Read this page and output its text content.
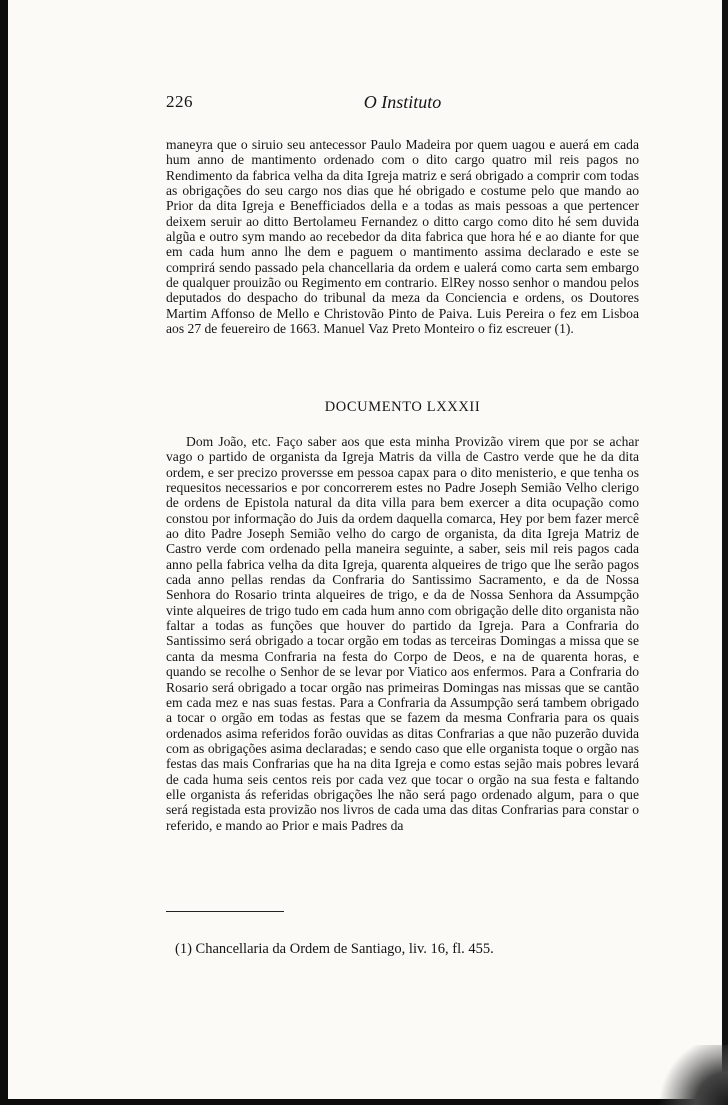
226	O Instituto

maneyra que o siruio seu antecessor Paulo Madeira por quem uagou e auerá em cada hum anno de mantimento ordenado com o dito cargo quatro mil reis pagos no Rendimento da fabrica velha da dita Igreja matriz e será obrigado a comprir com todas as obrigações do seu cargo nos dias que hé obrigado e costume pelo que mando ao Prior da dita Igreja e Benefficiados della e a todas as mais pessoas a que pertencer deixem seruir ao ditto Bertolameu Fernandez o ditto cargo como dito hé sem duvida algũa e outro sym mando ao recebedor da dita fabrica que hora hé e ao diante for que em cada hum anno lhe dem e paguem o mantimento assima declarado e este se comprirá sendo passado pela chancellaria da ordem e ualerá como carta sem embargo de qualquer prouizão ou Regimento em contrario. ElRey nosso senhor o mandou pelos deputados do despacho do tribunal da meza da Conciencia e ordens, os Doutores Martim Affonso de Mello e Christovão Pinto de Paiva. Luis Pereira o fez em Lisboa aos 27 de feuereiro de 1663. Manuel Vaz Preto Monteiro o fiz escreuer (1).

DOCUMENTO LXXXII

Dom João, etc. Faço saber aos que esta minha Provizão virem que por se achar vago o partido de organista da Igreja Matris da villa de Castro verde que he da dita ordem, e ser precizo proversse em pessoa capax para o dito menisterio, e que tenha os requesitos necessarios e por concorrerem estes no Padre Joseph Semião Velho clerigo de ordens de Epistola natural da dita villa para bem exercer a dita ocupação como constou por informação do Juis da ordem daquella comarca, Hey por bem fazer mercê ao dito Padre Joseph Semião velho do cargo de organista, da dita Igreja Matriz de Castro verde com ordenado pella maneira seguinte, a saber, seis mil reis pagos cada anno pella fabrica velha da dita Igreja, quarenta alqueires de trigo que lhe serão pagos cada anno pellas rendas da Confraria do Santissimo Sacramento, e da de Nossa Senhora do Rosario trinta alqueires de trigo, e da de Nossa Senhora da Assumpção vinte alqueires de trigo tudo em cada hum anno com obrigação delle dito organista não faltar a todas as funções que houver do partido da Igreja. Para a Confraria do Santissimo será obrigado a tocar orgão em todas as terceiras Domingas a missa que se canta da mesma Confraria na festa do Corpo de Deos, e na de quarenta horas, e quando se recolhe o Senhor de se levar por Viatico aos enfermos. Para a Confraria do Rosario será obrigado a tocar orgão nas primeiras Domingas nas missas que se cantão em cada mez e nas suas festas. Para a Confraria da Assumpção será tambem obrigado a tocar o orgão em todas as festas que se fazem da mesma Confraria para os quais ordenados asima referidos forão ouvidas as ditas Confrarias a que não puzerão duvida com as obrigações asima declaradas; e sendo caso que elle organista toque o orgão nas festas das mais Confrarias que ha na dita Igreja e como estas sejão mais pobres levará de cada huma seis centos reis por cada vez que tocar o orgão na sua festa e faltando elle organista ás referidas obrigações lhe não será pago ordenado algum, para o que será registada esta provizão nos livros de cada uma das ditas Confrarias para constar o referido, e mando ao Prior e mais Padres da

(1) Chancellaria da Ordem de Santiago, liv. 16, fl. 455.
